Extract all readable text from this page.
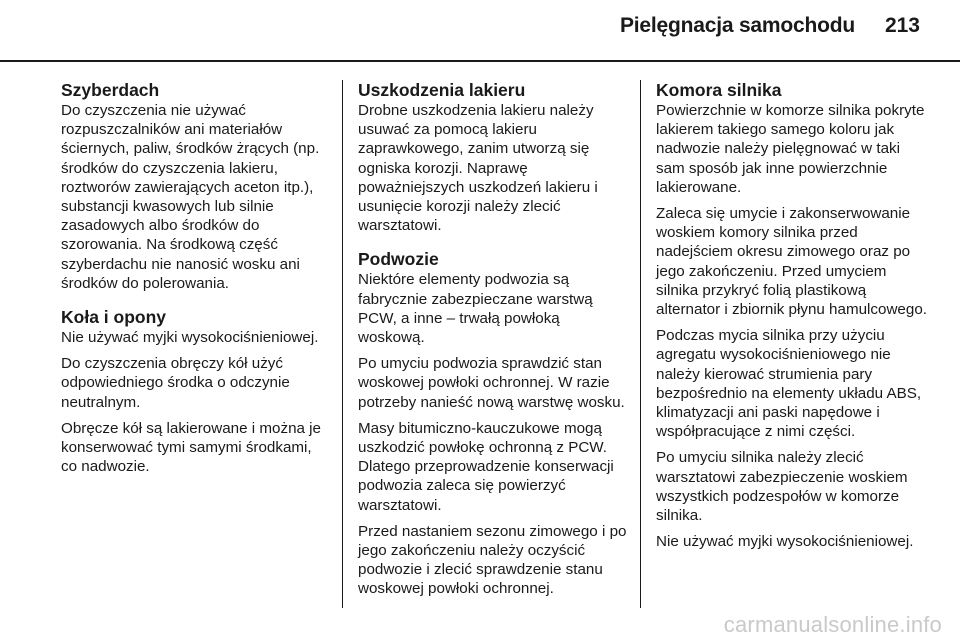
Pielęgnacja samochodu 213
Szyberdach

Do czyszczenia nie używać rozpuszczalników ani materiałów ściernych, paliw, środków żrących (np. środków do czyszczenia lakieru, roztworów zawierających aceton itp.), substancji kwasowych lub silnie zasadowych albo środków do szorowania. Na środkową część szyberdachu nie nanosić wosku ani środków do polerowania.

Koła i opony

Nie używać myjki wysokociśnieniowej.

Do czyszczenia obręczy kół użyć odpowiedniego środka o odczynie neutralnym.

Obręcze kół są lakierowane i można je konserwować tymi samymi środkami, co nadwozie.

Uszkodzenia lakieru

Drobne uszkodzenia lakieru należy usuwać za pomocą lakieru zaprawkowego, zanim utworzą się ogniska korozji. Naprawę poważniejszych uszkodzeń lakieru i usunięcie korozji należy zlecić warsztatowi.

Podwozie

Niektóre elementy podwozia są fabrycznie zabezpieczane warstwą PCW, a inne – trwałą powłoką woskową.

Po umyciu podwozia sprawdzić stan woskowej powłoki ochronnej. W razie potrzeby nanieść nową warstwę wosku.

Masy bitumiczno-kauczukowe mogą uszkodzić powłokę ochronną z PCW. Dlatego przeprowadzenie konserwacji podwozia zaleca się powierzyć warsztatowi.

Przed nastaniem sezonu zimowego i po jego zakończeniu należy oczyścić podwozie i zlecić sprawdzenie stanu woskowej powłoki ochronnej.

Komora silnika

Powierzchnie w komorze silnika pokryte lakierem takiego samego koloru jak nadwozie należy pielęgnować w taki sam sposób jak inne powierzchnie lakierowane.

Zaleca się umycie i zakonserwowanie woskiem komory silnika przed nadejściem okresu zimowego oraz po jego zakończeniu. Przed umyciem silnika przykryć folią plastikową alternator i zbiornik płynu hamulcowego.

Podczas mycia silnika przy użyciu agregatu wysokociśnieniowego nie należy kierować strumienia pary bezpośrednio na elementy układu ABS, klimatyzacji ani paski napędowe i współpracujące z nimi części.

Po umyciu silnika należy zlecić warsztatowi zabezpieczenie woskiem wszystkich podzespołów w komorze silnika.

Nie używać myjki wysokociśnieniowej.

carmanualsonline.info
